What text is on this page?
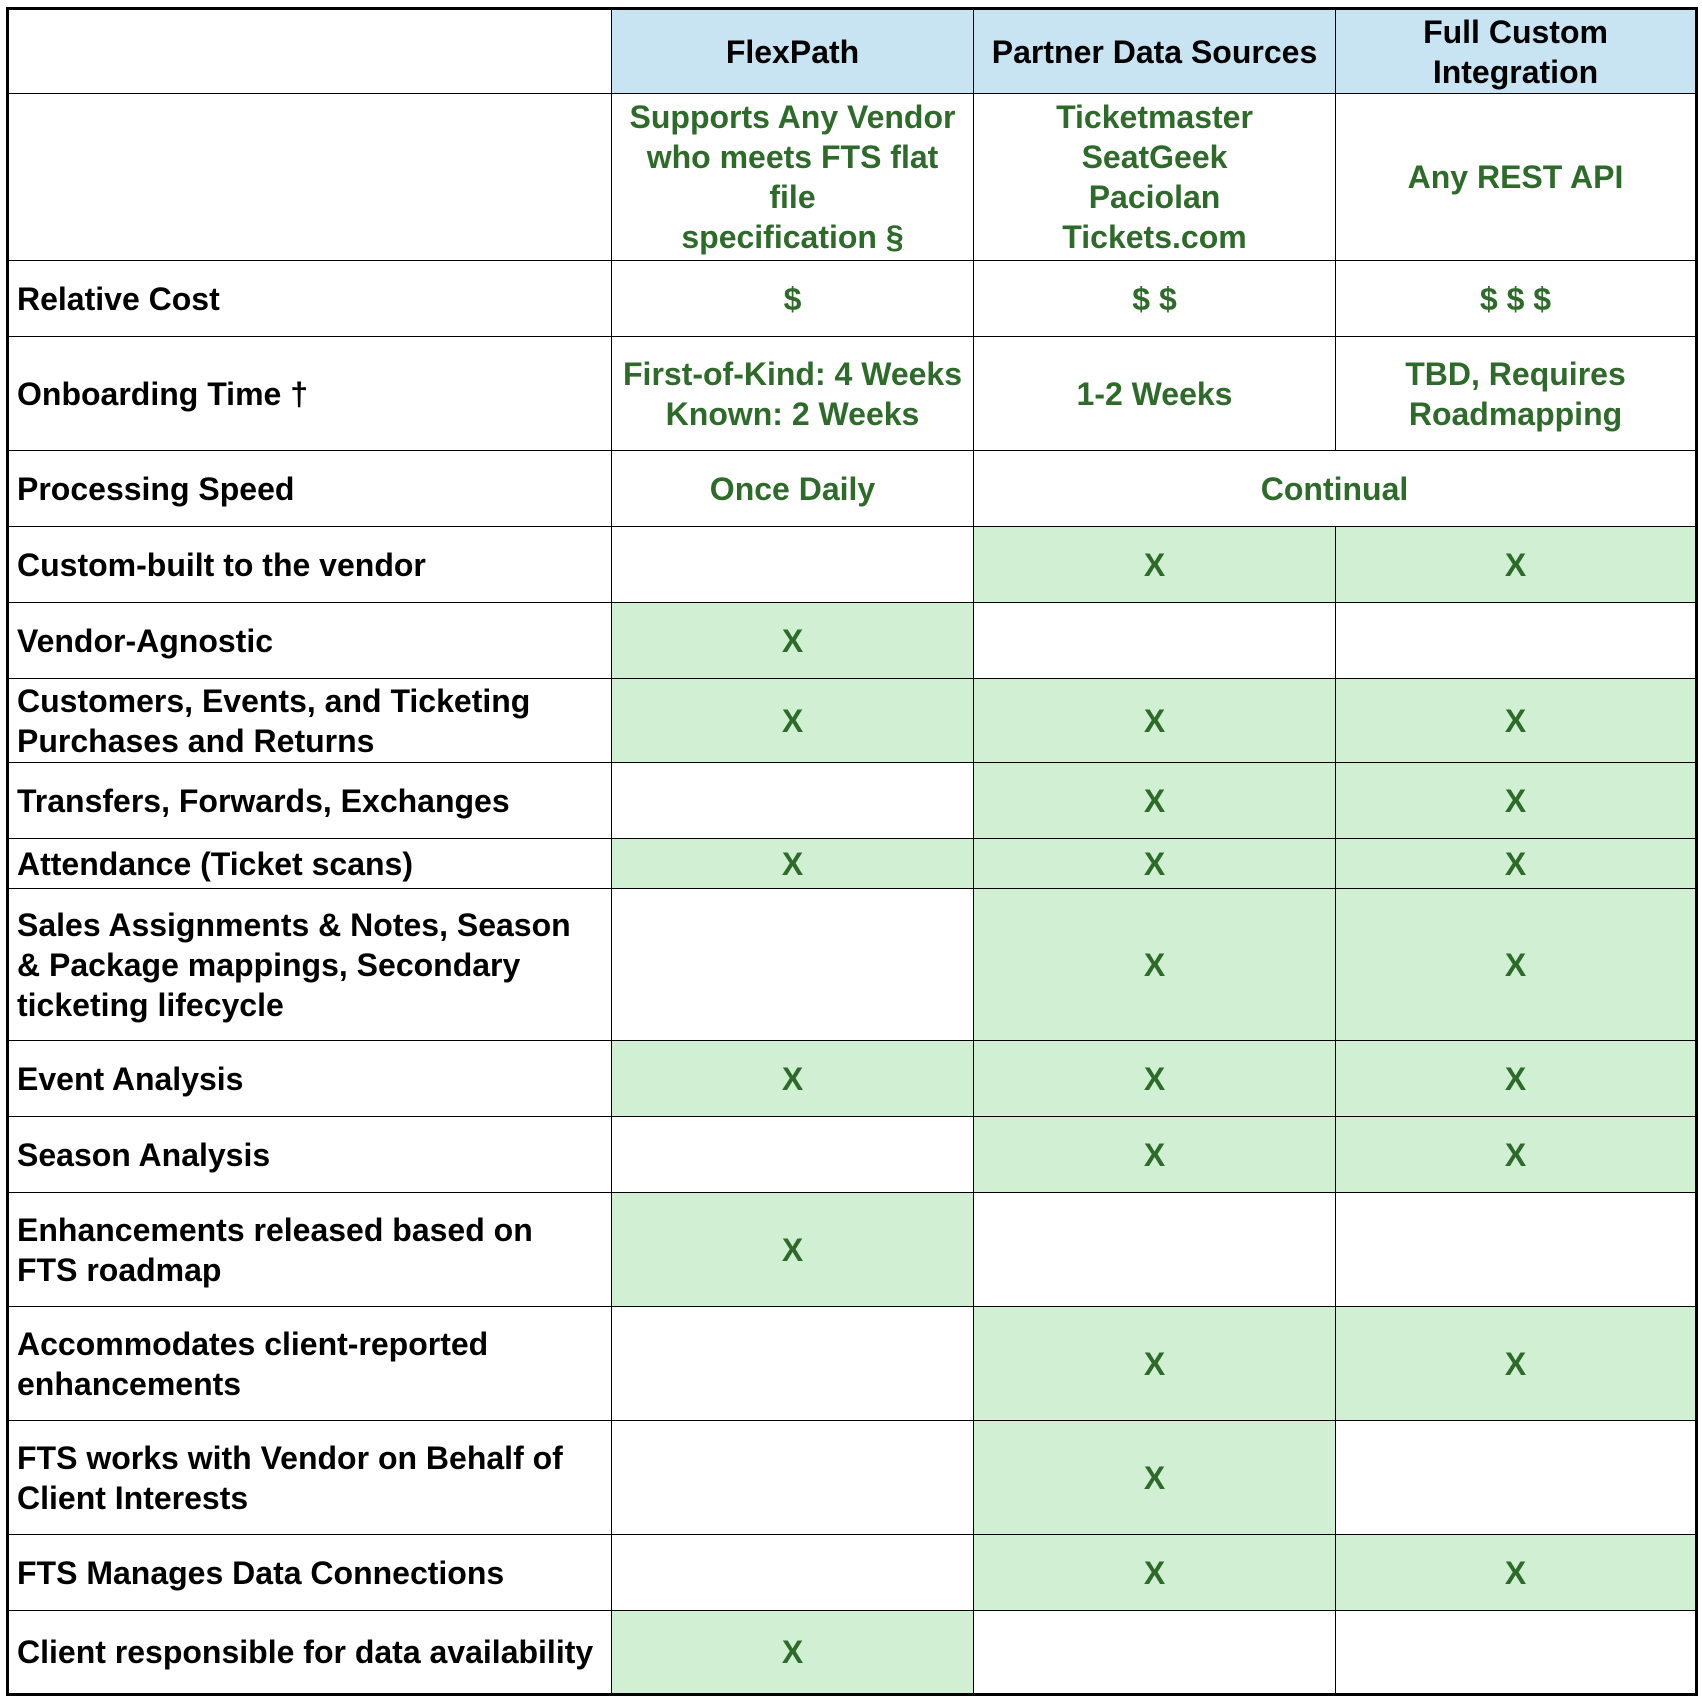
	FlexPath	Partner Data Sources	Full Custom
Integration

	Supports Any Vendor
who meets FTS flat file
specification §	Ticketmaster
SeatGeek
Paciolan
Tickets.com	Any REST API
Relative Cost	$	$ $	$ $ $
Onboarding Time †	First-of-Kind: 4 Weeks
Known: 2 Weeks	1-2 Weeks	TBD, Requires
Roadmapping

Processing Speed	Once Daily	Continual	

Custom-built to the vendor		X	X

Vendor-Agnostic	X		

Customers, Events, and Ticketing
Purchases and Returns	X	X	X

Transfers, Forwards, Exchanges		X	X

Attendance (Ticket scans)	X	X	X

Sales Assignments & Notes, Season
& Package mappings, Secondary
ticketing lifecycle		X	X

Event Analysis	X	X	X

Season Analysis		X	X

Enhancements released based on
FTS roadmap	X		

Accommodates client-reported
enhancements		X	X

FTS works with Vendor on Behalf of
Client Interests		X	

FTS Manages Data Connections		X	X

Client responsible for data availability	X		
